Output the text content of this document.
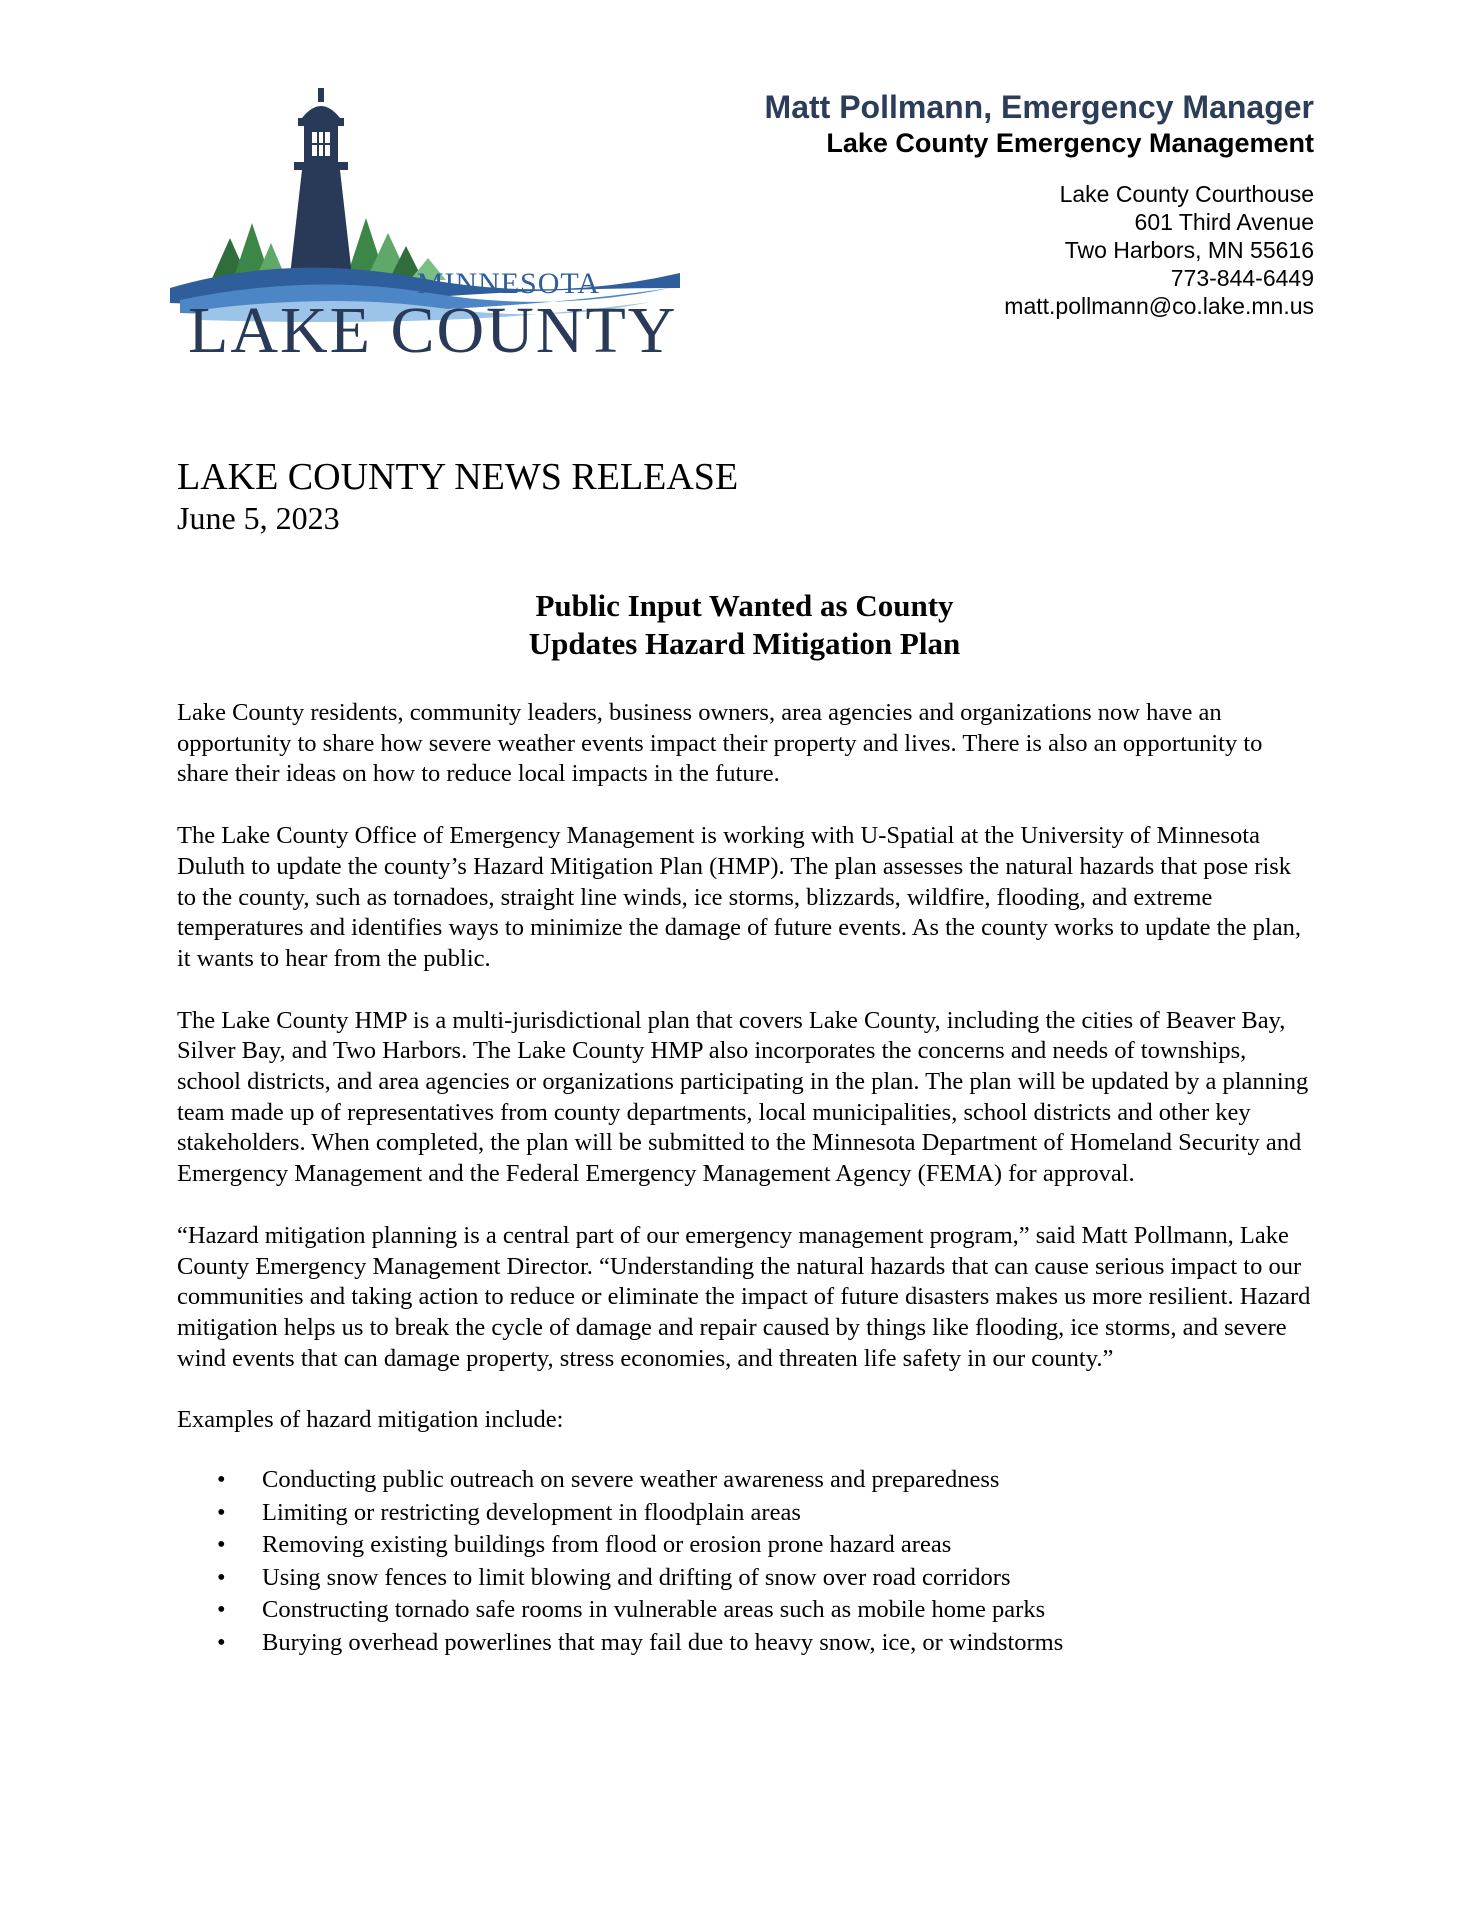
MINNESOTA
LAKE COUNTY
Matt Pollmann, Emergency Manager
Lake County Emergency Management
Lake County Courthouse
601 Third Avenue
Two Harbors, MN 55616
773-844-6449
matt.pollmann@co.lake.mn.us
LAKE COUNTY NEWS RELEASE

June 5, 2023

Public Input Wanted as County
Updates Hazard Mitigation Plan

Lake County residents, community leaders, business owners, area agencies and organizations now have an opportunity to share how severe weather events impact their property and lives. There is also an opportunity to share their ideas on how to reduce local impacts in the future.

The Lake County Office of Emergency Management is working with U-Spatial at the University of Minnesota Duluth to update the county’s Hazard Mitigation Plan (HMP). The plan assesses the natural hazards that pose risk to the county, such as tornadoes, straight line winds, ice storms, blizzards, wildfire, flooding, and extreme temperatures and identifies ways to minimize the damage of future events. As the county works to update the plan, it wants to hear from the public.

The Lake County HMP is a multi-jurisdictional plan that covers Lake County, including the cities of Beaver Bay, Silver Bay, and Two Harbors. The Lake County HMP also incorporates the concerns and needs of townships, school districts, and area agencies or organizations participating in the plan. The plan will be updated by a planning team made up of representatives from county departments, local municipalities, school districts and other key stakeholders. When completed, the plan will be submitted to the Minnesota Department of Homeland Security and Emergency Management and the Federal Emergency Management Agency (FEMA) for approval.

“Hazard mitigation planning is a central part of our emergency management program,” said Matt Pollmann, Lake County Emergency Management Director. “Understanding the natural hazards that can cause serious impact to our communities and taking action to reduce or eliminate the impact of future disasters makes us more resilient. Hazard mitigation helps us to break the cycle of damage and repair caused by things like flooding, ice storms, and severe wind events that can damage property, stress economies, and threaten life safety in our county.”

Examples of hazard mitigation include:

• Conducting public outreach on severe weather awareness and preparedness
• Limiting or restricting development in floodplain areas
• Removing existing buildings from flood or erosion prone hazard areas
• Using snow fences to limit blowing and drifting of snow over road corridors
• Constructing tornado safe rooms in vulnerable areas such as mobile home parks
• Burying overhead powerlines that may fail due to heavy snow, ice, or windstorms
